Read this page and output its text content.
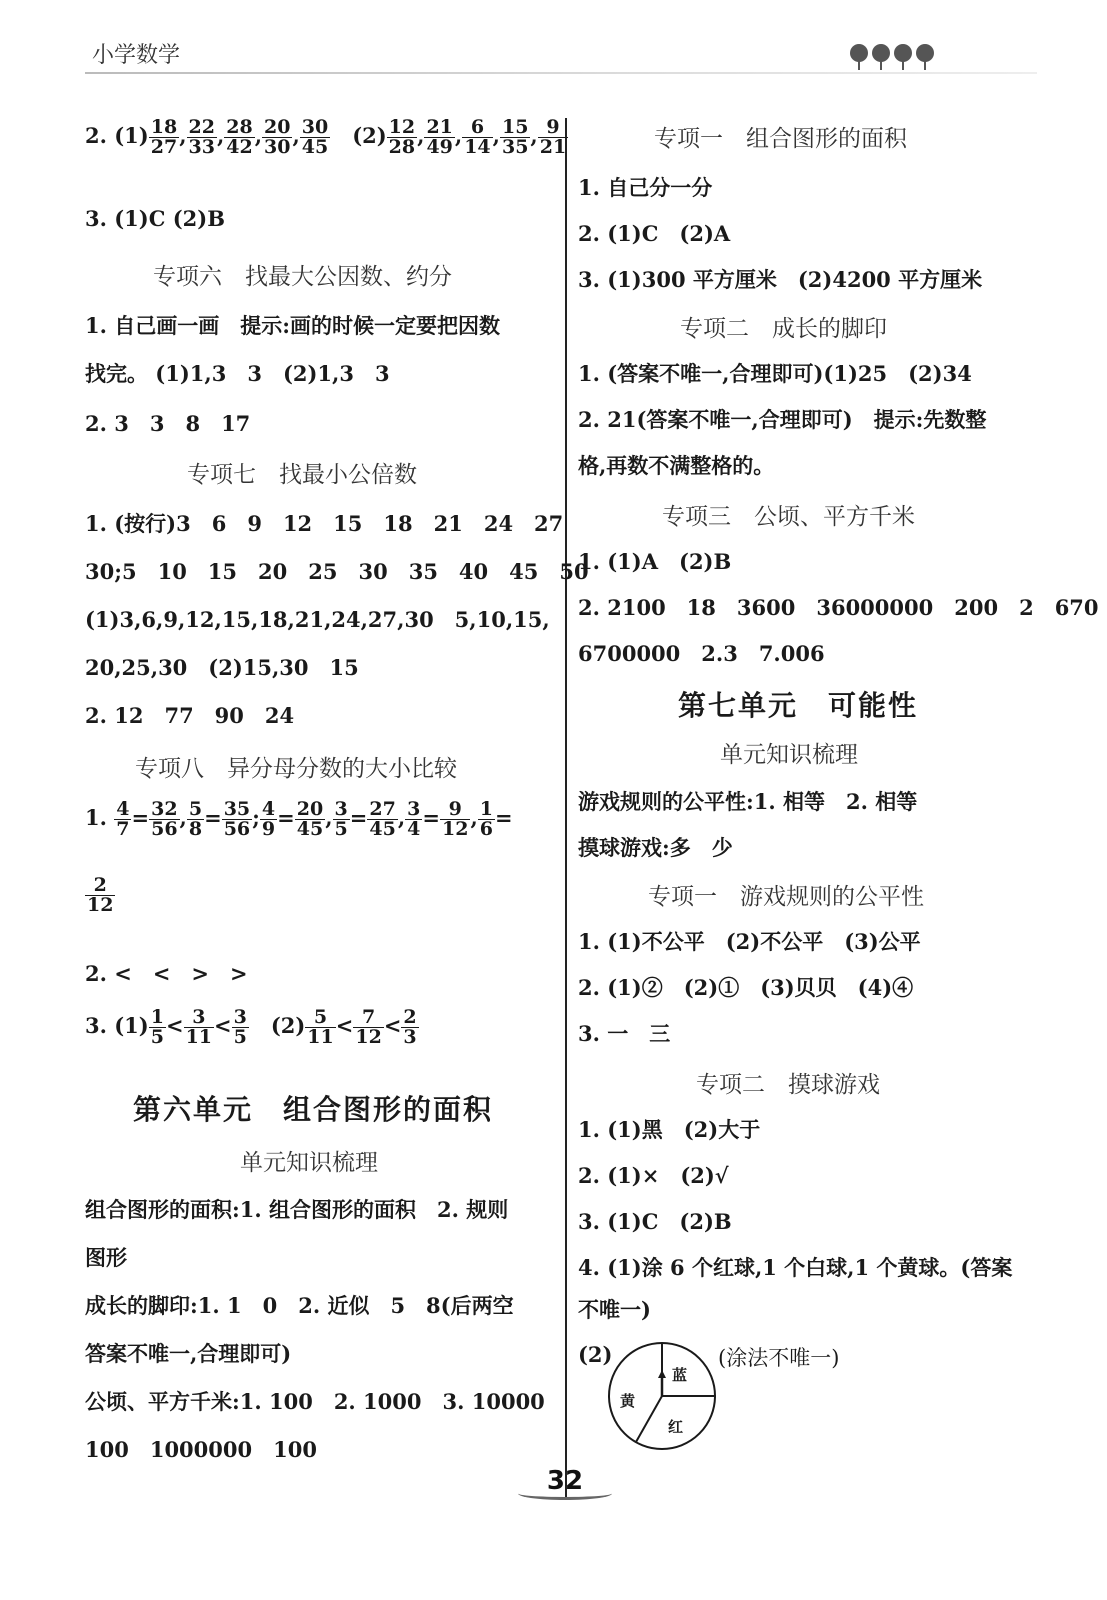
小学数学
2. $(1) \frac{18}{27}$ , $\frac{22}{33}$ , $\frac{28}{42}$ , $\frac{20}{30}$ , $\frac{30}{45} (2) \frac{12}{28}$ , $\frac{21}{49}$ , $\frac{6}{14}$ , $\frac{15}{35}$ , $\frac{9}{21}$
3. (1)C (2)B
专项六　找最大公因数、约分
1. 自己画一画　提示:画的时候一定要把因数
找完。 (1)1,3　3　(2)1,3　3
2. 3　3　8　17
专项七　找最小公倍数
1. (按行)3　6　9　12　15　18　21　24　27
30;5　10　15　20　25　30　35　40　45　50
(1)3,6,9,12,15,18,21,24,27,30　5,10,15,
20,25,30　(2)15,30　15
2. 12　77　90　24
专项八　异分母分数的大小比较
1. $\frac{4}{7} = \frac{32}{56}$ , $\frac{5}{8} = \frac{35}{56}$ ; $\frac{4}{9} = \frac{20}{45}$ , $\frac{3}{5} = \frac{27}{45}$ , $\frac{3}{4} = \frac{9}{12}$ , $\frac{1}{6}$ =
$\frac{2}{12}$
2. <　<　>　>
3. $(1) \frac{1}{5} < \frac{3}{11} < \frac{3}{5} (2) \frac{5}{11} < \frac{7}{12} < \frac{2}{3}$
第六单元　组合图形的面积
单元知识梳理
组合图形的面积:1. 组合图形的面积　2. 规则
图形
成长的脚印:1. 1　0　2. 近似　5　8(后两空
答案不唯一,合理即可)
公顷、平方千米:1. 100　2. 1000　3. 10000
100　1000000　100
专项一　组合图形的面积
1. 自己分一分
2. (1)C　(2)A
3. (1)300 平方厘米　(2)4200 平方厘米
专项二　成长的脚印
1. (答案不唯一,合理即可)(1)25　(2)34
2. 21(答案不唯一,合理即可)　提示:先数整
格,再数不满整格的。
专项三　公顷、平方千米
1. (1)A　(2)B
2. 2100　18　3600　36000000　200　2　670
6700000　2.3　7.006
第七单元　可能性
单元知识梳理
游戏规则的公平性:1. 相等　2. 相等
摸球游戏:多　少
专项一　游戏规则的公平性
1. (1)不公平　(2)不公平　(3)公平
2. (1)②　(2)①　(3)贝贝　(4)④
3. 一　三
专项二　摸球游戏
1. (1)黑　(2)大于
2. (1)×　(2)√
3. (1)C　(2)B
4. (1)涂 6 个红球,1 个白球,1 个黄球。(答案
不唯一)
(2)	(涂法不唯一)
蓝
黄
红
32
